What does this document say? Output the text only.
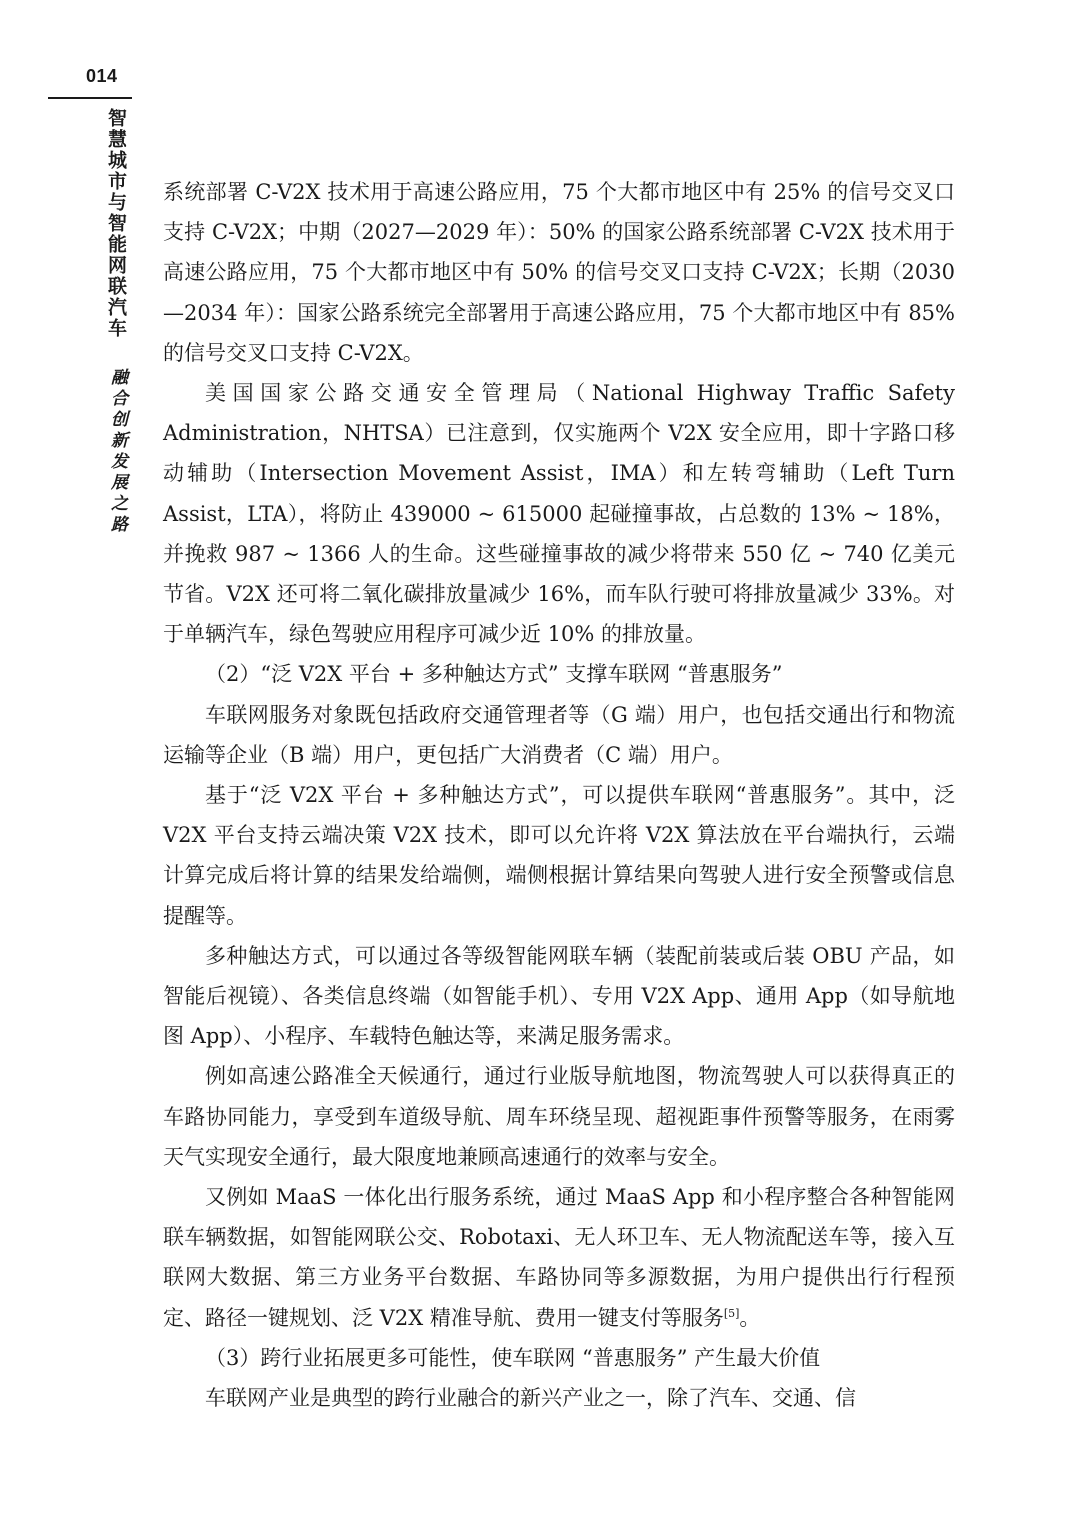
014
智慧城市与智能网联汽车
融合创新发展之路

系统部署 C-V2X 技术用于高速公路应用，75 个大都市地区中有 25% 的信号交叉口支持 C-V2X；中期（2027—2029 年）：50% 的国家公路系统部署 C-V2X 技术用于高速公路应用，75 个大都市地区中有 50% 的信号交叉口支持 C-V2X；长期（2030—2034 年）：国家公路系统完全部署用于高速公路应用，75 个大都市地区中有 85% 的信号交叉口支持 C-V2X。

美国国家公路交通安全管理局（National Highway Traffic Safety Administration，NHTSA）已注意到，仅实施两个 V2X 安全应用，即十字路口移动辅助（Intersection Movement Assist，IMA）和左转弯辅助（Left Turn Assist，LTA），将防止 439000 ~ 615000 起碰撞事故，占总数的 13% ~ 18%，并挽救 987 ~ 1366 人的生命。这些碰撞事故的减少将带来 550 亿 ~ 740 亿美元节省。V2X 还可将二氧化碳排放量减少 16%，而车队行驶可将排放量减少 33%。对于单辆汽车，绿色驾驶应用程序可减少近 10% 的排放量。

（2）“泛 V2X 平台 + 多种触达方式” 支撑车联网 “普惠服务”

车联网服务对象既包括政府交通管理者等（G 端）用户，也包括交通出行和物流运输等企业（B 端）用户，更包括广大消费者（C 端）用户。

基于“泛 V2X 平台 + 多种触达方式”，可以提供车联网“普惠服务”。其中，泛 V2X 平台支持云端决策 V2X 技术，即可以允许将 V2X 算法放在平台端执行，云端计算完成后将计算的结果发给端侧，端侧根据计算结果向驾驶人进行安全预警或信息提醒等。

多种触达方式，可以通过各等级智能网联车辆（装配前装或后装 OBU 产品，如智能后视镜）、各类信息终端（如智能手机）、专用 V2X App、通用 App（如导航地图 App）、小程序、车载特色触达等，来满足服务需求。

例如高速公路准全天候通行，通过行业版导航地图，物流驾驶人可以获得真正的车路协同能力，享受到车道级导航、周车环绕呈现、超视距事件预警等服务，在雨雾天气实现安全通行，最大限度地兼顾高速通行的效率与安全。

又例如 MaaS 一体化出行服务系统，通过 MaaS App 和小程序整合各种智能网联车辆数据，如智能网联公交、Robotaxi、无人环卫车、无人物流配送车等，接入互联网大数据、第三方业务平台数据、车路协同等多源数据，为用户提供出行行程预定、路径一键规划、泛 V2X 精准导航、费用一键支付等服务[5]。

（3）跨行业拓展更多可能性，使车联网 “普惠服务” 产生最大价值

车联网产业是典型的跨行业融合的新兴产业之一，除了汽车、交通、信
